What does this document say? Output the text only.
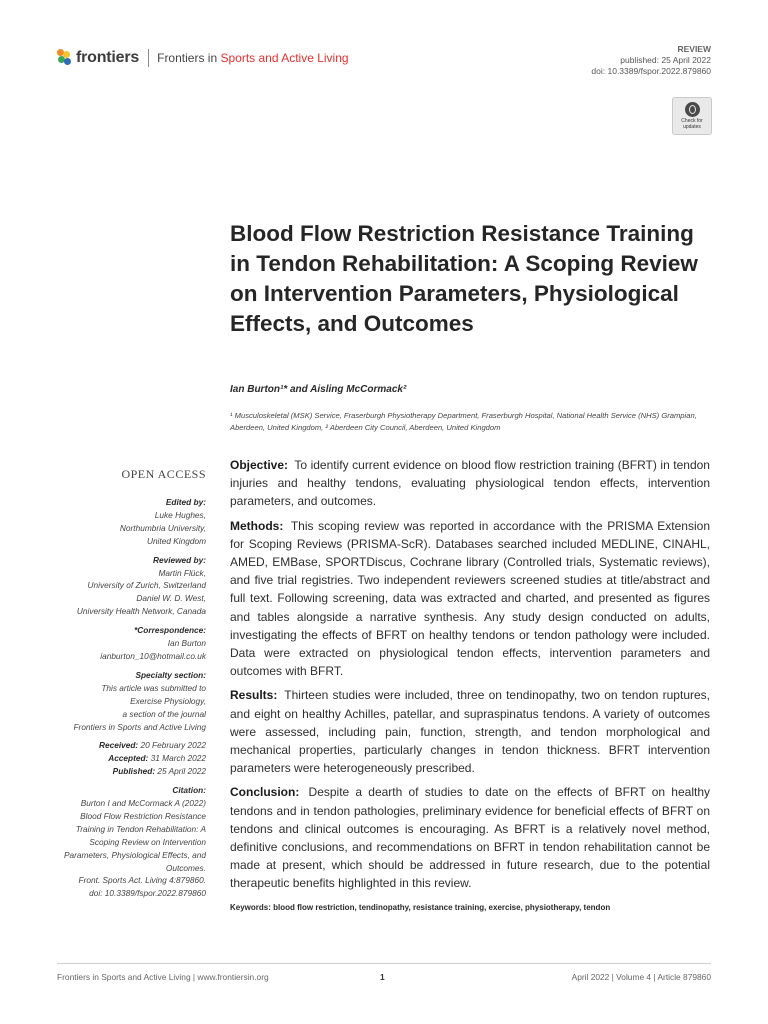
frontiers Frontiers in Sports and Active Living
REVIEW
published: 25 April 2022
doi: 10.3389/fspor.2022.879860
Check for updates
Blood Flow Restriction Resistance Training in Tendon Rehabilitation: A Scoping Review on Intervention Parameters, Physiological Effects, and Outcomes
Ian Burton¹* and Aisling McCormack²
¹ Musculoskeletal (MSK) Service, Fraserburgh Physiotherapy Department, Fraserburgh Hospital, National Health Service (NHS) Grampian, Aberdeen, United Kingdom, ² Aberdeen City Council, Aberdeen, United Kingdom
OPEN ACCESS
Edited by:
Luke Hughes,
Northumbria University,
United Kingdom
Reviewed by:
Martin Flück,
University of Zurich, Switzerland
Daniel W. D. West,
University Health Network, Canada
*Correspondence:
Ian Burton
ianburton_10@hotmail.co.uk
Specialty section:
This article was submitted to
Exercise Physiology,
a section of the journal
Frontiers in Sports and Active Living
Received: 20 February 2022
Accepted: 31 March 2022
Published: 25 April 2022
Citation:
Burton I and McCormack A (2022)
Blood Flow Restriction Resistance
Training in Tendon Rehabilitation: A
Scoping Review on Intervention
Parameters, Physiological Effects, and
Outcomes.
Front. Sports Act. Living 4:879860.
doi: 10.3389/fspor.2022.879860

Objective: To identify current evidence on blood flow restriction training (BFRT) in tendon injuries and healthy tendons, evaluating physiological tendon effects, intervention parameters, and outcomes.

Methods: This scoping review was reported in accordance with the PRISMA Extension for Scoping Reviews (PRISMA-ScR). Databases searched included MEDLINE, CINAHL, AMED, EMBase, SPORTDiscus, Cochrane library (Controlled trials, Systematic reviews), and five trial registries. Two independent reviewers screened studies at title/abstract and full text. Following screening, data was extracted and charted, and presented as figures and tables alongside a narrative synthesis. Any study design conducted on adults, investigating the effects of BFRT on healthy tendons or tendon pathology were included. Data were extracted on physiological tendon effects, intervention parameters and outcomes with BFRT.

Results: Thirteen studies were included, three on tendinopathy, two on tendon ruptures, and eight on healthy Achilles, patellar, and supraspinatus tendons. A variety of outcomes were assessed, including pain, function, strength, and tendon morphological and mechanical properties, particularly changes in tendon thickness. BFRT intervention parameters were heterogeneously prescribed.

Conclusion: Despite a dearth of studies to date on the effects of BFRT on healthy tendons and in tendon pathologies, preliminary evidence for beneficial effects of BFRT on tendons and clinical outcomes is encouraging. As BFRT is a relatively novel method, definitive conclusions, and recommendations on BFRT in tendon rehabilitation cannot be made at present, which should be addressed in future research, due to the potential therapeutic benefits highlighted in this review.

Keywords: blood flow restriction, tendinopathy, resistance training, exercise, physiotherapy, tendon
Frontiers in Sports and Active Living | www.frontiersin.org	1	April 2022 | Volume 4 | Article 879860
